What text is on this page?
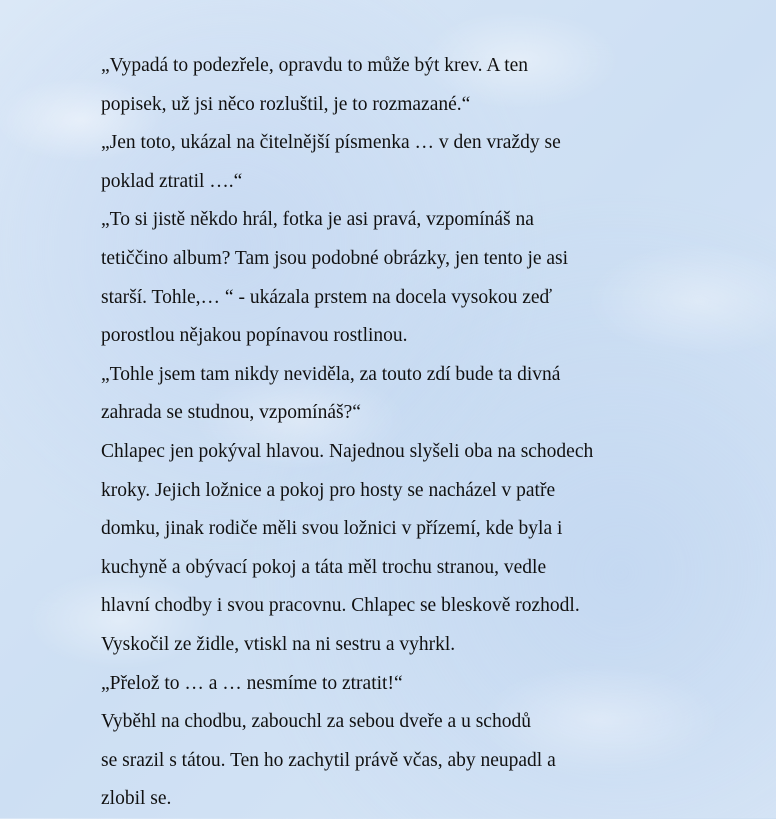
„Vypadá to podezřele, opravdu to může být krev. A ten
popisek, už jsi něco rozluštil, je to rozmazané.“
„Jen toto, ukázal na čitelnější písmenka … v den vraždy se
poklad ztratil ….“
„To si jistě někdo hrál, fotka je asi pravá, vzpomínáš na
tetiččino album? Tam jsou podobné obrázky, jen tento je asi
starší. Tohle,… “ - ukázala prstem na docela vysokou zeď
porostlou nějakou popínavou rostlinou.
„Tohle jsem tam nikdy neviděla, za touto zdí bude ta divná
zahrada se studnou, vzpomínáš?“
Chlapec jen pokýval hlavou. Najednou slyšeli oba na schodech
kroky. Jejich ložnice a pokoj pro hosty se nacházel v patře
domku, jinak rodiče měli svou ložnici v přízemí, kde byla i
kuchyně a obývací pokoj a táta měl trochu stranou, vedle
hlavní chodby i svou pracovnu. Chlapec se bleskově rozhodl.
Vyskočil ze židle, vtiskl na ni sestru a vyhrkl.
„Přelož to … a … nesmíme to ztratit!“
Vyběhl na chodbu, zabouchl za sebou dveře a u schodů
se srazil s tátou. Ten ho zachytil právě včas, aby neupadl a
zlobil se.
